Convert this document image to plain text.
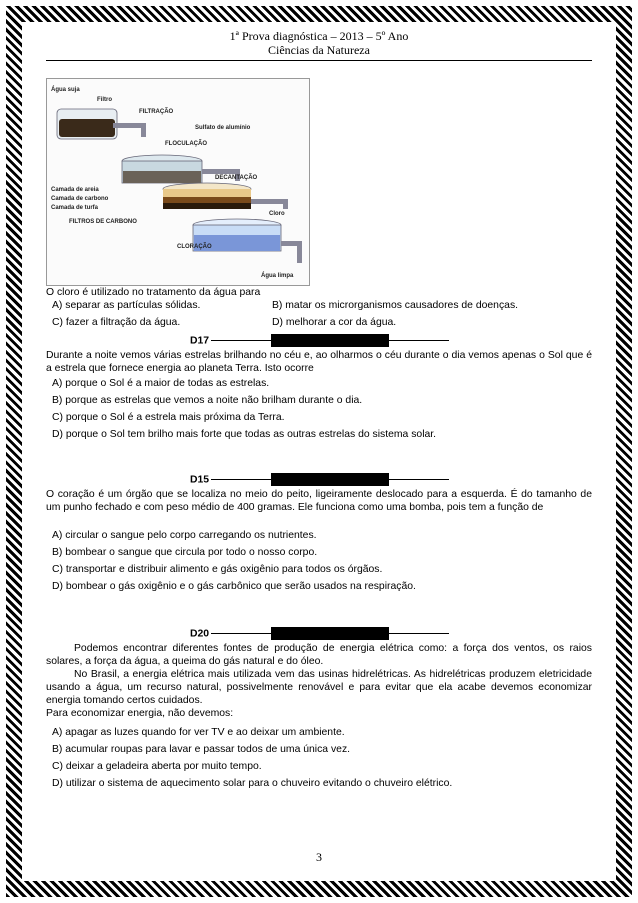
1ª Prova diagnóstica – 2013 – 5º Ano
Ciências da Natureza
Água suja
Filtro
FILTRAÇÃO
Sulfato de alumínio
FLOCULAÇÃO
DECANTAÇÃO
Camada de areia
Camada de carbono
Camada de turfa
FILTROS DE CARBONO
Cloro
CLORAÇÃO
Água limpa
O cloro é utilizado no tratamento da água para
A) separar as partículas sólidas.	B) matar os microrganismos causadores de doenças.
C) fazer a filtração da água.	D) melhorar a cor da água.
D17
Durante a noite vemos várias estrelas brilhando no céu e, ao olharmos o céu durante o dia vemos apenas o Sol que é a estrela que fornece energia ao planeta Terra. Isto ocorre
A) porque o Sol é a maior de todas as estrelas.
B) porque as estrelas que vemos a noite não brilham durante o dia.
C) porque o Sol é a estrela mais próxima da Terra.
D) porque o Sol tem brilho mais forte que todas as outras estrelas do sistema solar.
D15
O coração é um órgão que se localiza no meio do peito, ligeiramente deslocado para a esquerda. É do tamanho de um punho fechado e com peso médio de 400 gramas. Ele funciona como uma bomba, pois tem a função de
A) circular o sangue pelo corpo carregando os nutrientes.
B) bombear o sangue que circula por todo o nosso corpo.
C) transportar e distribuir alimento e gás oxigênio para todos os órgãos.
D) bombear o gás oxigênio e o gás carbônico que serão usados na respiração.
D20

Podemos encontrar diferentes fontes de produção de energia elétrica como: a força dos ventos, os raios solares, a força da água, a queima do gás natural e do óleo.

No Brasil, a energia elétrica mais utilizada vem das usinas hidrelétricas. As hidrelétricas produzem eletricidade usando a água, um recurso natural, possivelmente renovável e para evitar que ela acabe devemos economizar energia tomando certos cuidados.

Para economizar energia, não devemos:

A) apagar as luzes quando for ver TV e ao deixar um ambiente.
B) acumular roupas para lavar e passar todos de uma única vez.
C) deixar a geladeira aberta por muito tempo.
D) utilizar o sistema de aquecimento solar para o chuveiro evitando o chuveiro elétrico.
3
